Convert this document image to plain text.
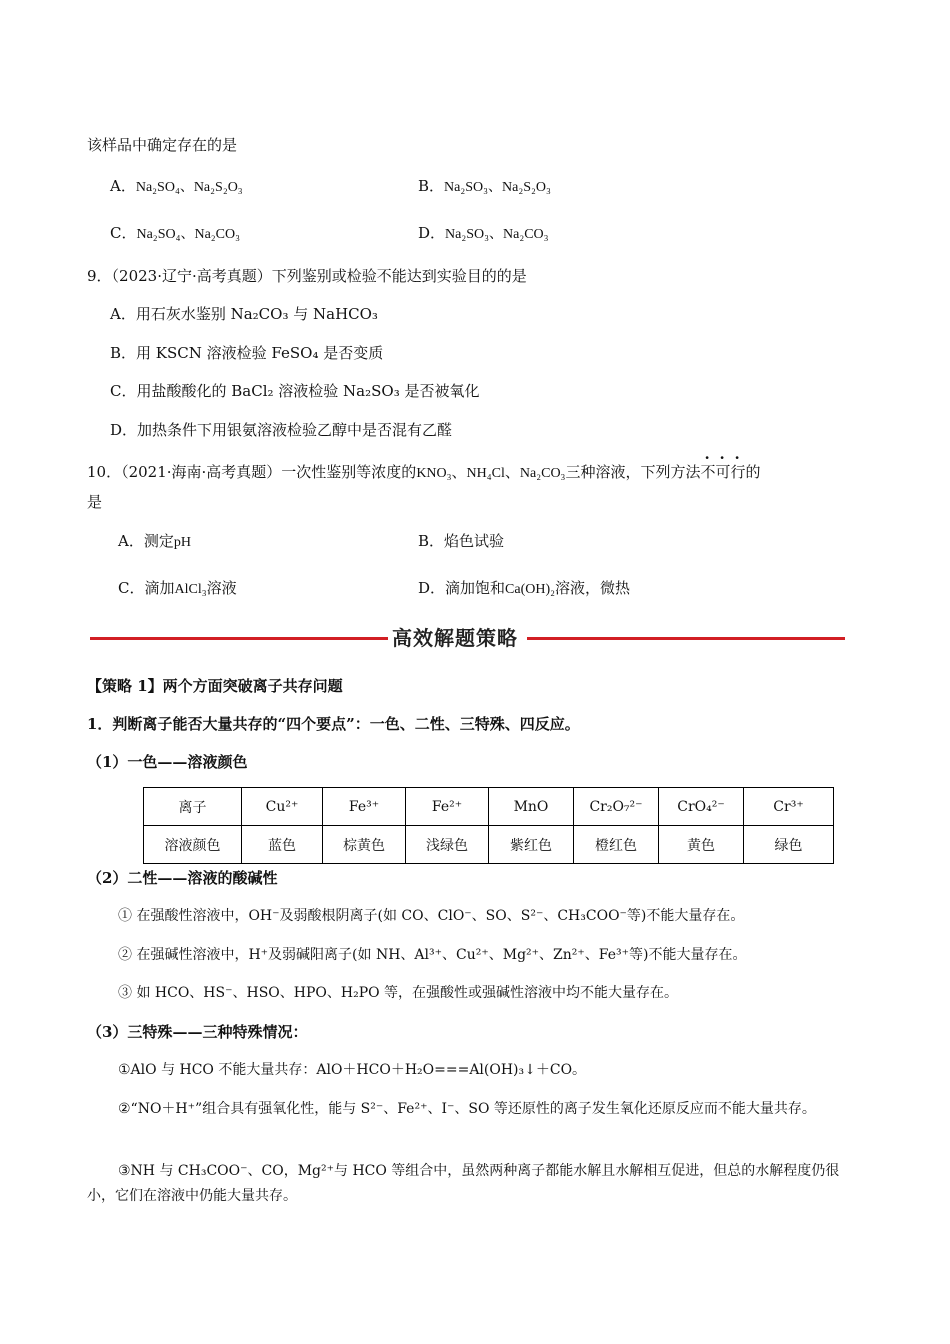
该样品中确定存在的是
A．Na₂SO₄、Na₂S₂O₃	B．Na₂SO₃、Na₂S₂O₃
C．Na₂SO₄、Na₂CO₃	D．Na₂SO₃、Na₂CO₃
9．（2023·辽宁·高考真题）下列鉴别或检验不能达到实验目的的是
A．用石灰水鉴别 Na₂CO₃ 与 NaHCO₃
B．用 KSCN 溶液检验 FeSO₄ 是否变质
C．用盐酸酸化的 BaCl₂ 溶液检验 Na₂SO₃ 是否被氧化
D．加热条件下用银氨溶液检验乙醇中是否混有乙醛
10．（2021·海南·高考真题）一次性鉴别等浓度的KNO₃、NH₄Cl、Na₂CO₃三种溶液，下列方法不可行的
是
A．测定pH	B．焰色试验
C．滴加AlCl₃溶液	D．滴加饱和Ca(OH)₂溶液，微热
高效解题策略
【策略 1】两个方面突破离子共存问题
1．判断离子能否大量共存的“四个要点”：一色、二性、三特殊、四反应。
（1）一色——溶液颜色
离子	Cu²⁺	Fe³⁺	Fe²⁺	MnO	Cr₂O₇²⁻	CrO₄²⁻	Cr³⁺
溶液颜色	蓝色	棕黄色	浅绿色	紫红色	橙红色	黄色	绿色
（2）二性——溶液的酸碱性
① 在强酸性溶液中，OH⁻及弱酸根阴离子(如 CO、ClO⁻、SO、S²⁻、CH₃COO⁻等)不能大量存在。
② 在强碱性溶液中，H⁺及弱碱阳离子(如 NH、Al³⁺、Cu²⁺、Mg²⁺、Zn²⁺、Fe³⁺等)不能大量存在。
③ 如 HCO、HS⁻、HSO、HPO、H₂PO 等，在强酸性或强碱性溶液中均不能大量存在。
（3）三特殊——三种特殊情况：
①AlO 与 HCO 不能大量共存：AlO＋HCO＋H₂O===Al(OH)₃↓＋CO。
②“NO＋H⁺”组合具有强氧化性，能与 S²⁻、Fe²⁺、I⁻、SO 等还原性的离子发生氧化还原反应而不能大量共存。
③NH 与 CH₃COO⁻、CO，Mg²⁺与 HCO 等组合中，虽然两种离子都能水解且水解相互促进，但总的水解程度仍很小，它们在溶液中仍能大量共存。
